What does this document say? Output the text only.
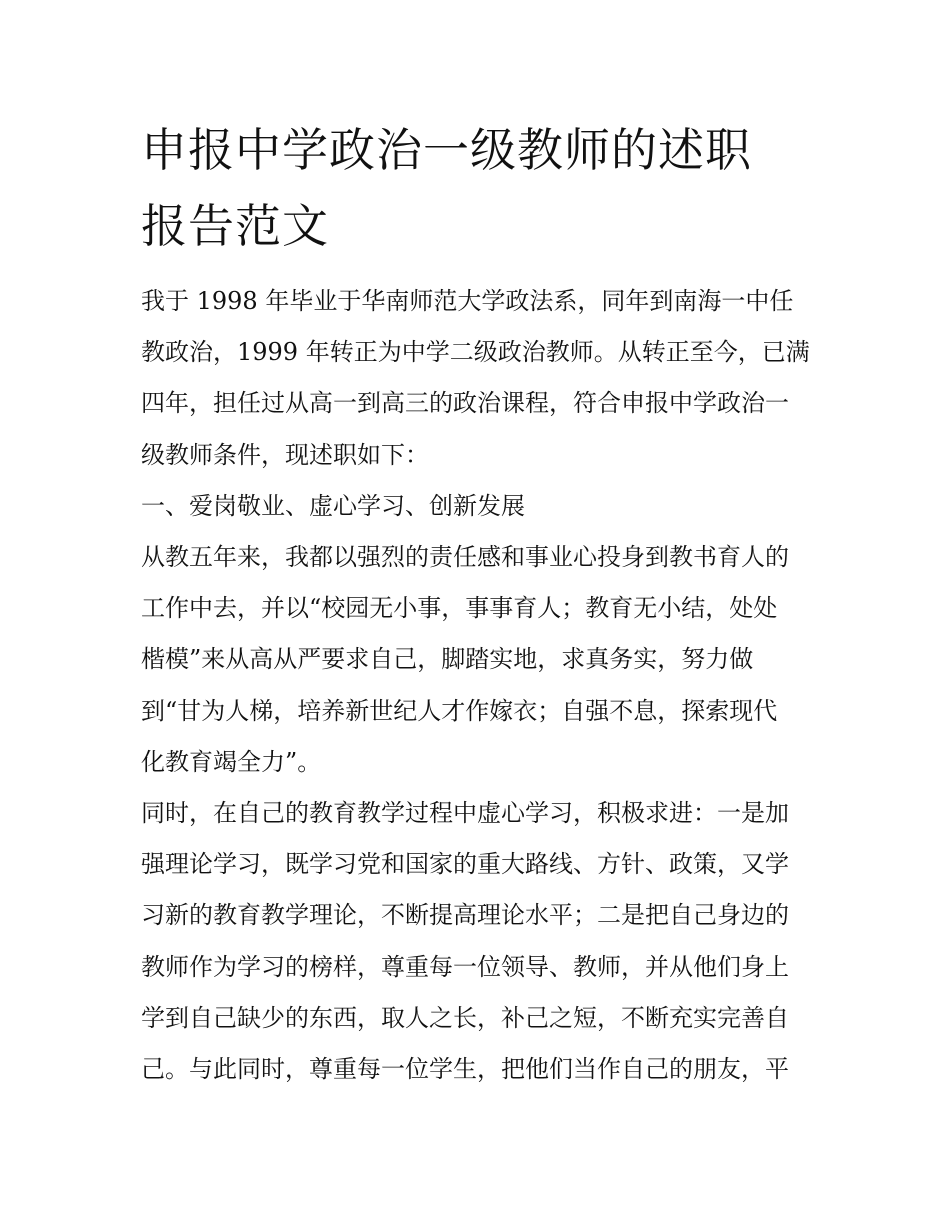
申报中学政治一级教师的述职
报告范文
我于 1998 年毕业于华南师范大学政法系，同年到南海一中任
教政治，1999 年转正为中学二级政治教师。从转正至今，已满
四年，担任过从高一到高三的政治课程，符合申报中学政治一
级教师条件，现述职如下：
一、爱岗敬业、虚心学习、创新发展
从教五年来，我都以强烈的责任感和事业心投身到教书育人的
工作中去，并以“校园无小事，事事育人；教育无小结，处处
楷模”来从高从严要求自己，脚踏实地，求真务实，努力做
到“甘为人梯，培养新世纪人才作嫁衣；自强不息，探索现代
化教育竭全力”。
同时，在自己的教育教学过程中虚心学习，积极求进：一是加
强理论学习，既学习党和国家的重大路线、方针、政策，又学
习新的教育教学理论，不断提高理论水平；二是把自己身边的
教师作为学习的榜样，尊重每一位领导、教师，并从他们身上
学到自己缺少的东西，取人之长，补己之短，不断充实完善自
己。与此同时，尊重每一位学生，把他们当作自己的朋友，平
